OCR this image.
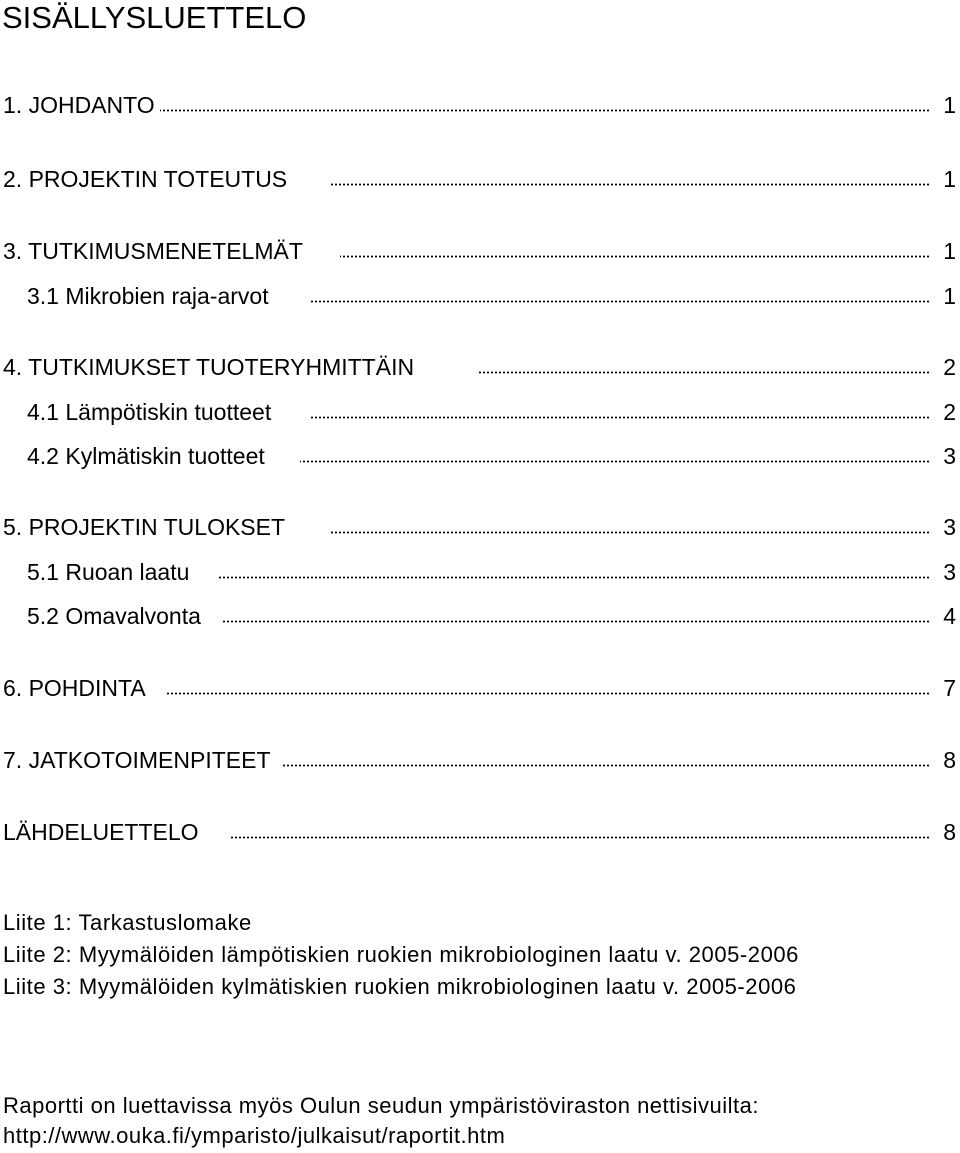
SISÄLLYSLUETTELO
1. JOHDANTO	1
2. PROJEKTIN TOTEUTUS	1
3. TUTKIMUSMENETELMÄT	1
3.1 Mikrobien raja-arvot	1
4. TUTKIMUKSET TUOTERYHMITTÄIN	2
4.1 Lämpötiskin tuotteet	2
4.2 Kylmätiskin tuotteet	3
5. PROJEKTIN TULOKSET	3
5.1 Ruoan laatu	3
5.2 Omavalvonta	4
6. POHDINTA	7
7. JATKOTOIMENPITEET	8
LÄHDELUETTELO	8
Liite 1: Tarkastuslomake
Liite 2: Myymälöiden lämpötiskien ruokien mikrobiologinen laatu v. 2005-2006
Liite 3: Myymälöiden kylmätiskien ruokien mikrobiologinen laatu v. 2005-2006
Raportti on luettavissa myös Oulun seudun ympäristöviraston nettisivuilta:
http://www.ouka.fi/ymparisto/julkaisut/raportit.htm
